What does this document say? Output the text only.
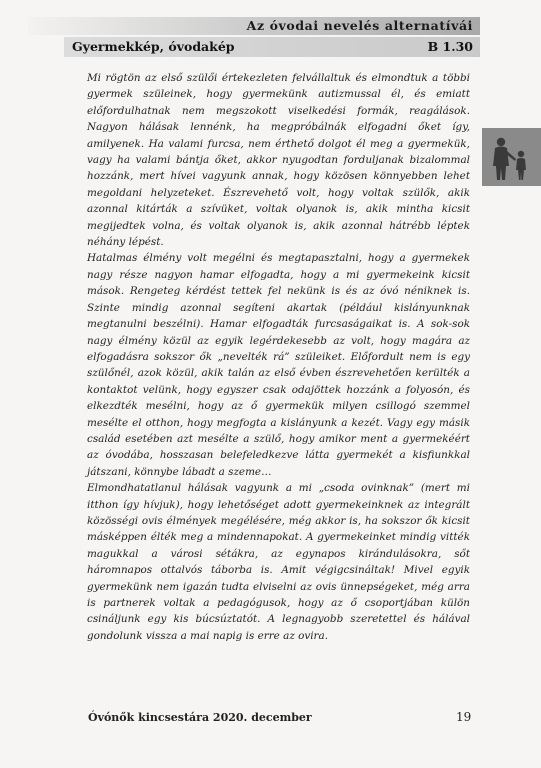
Az óvodai nevelés alternatívái
Gyermekkép, óvodakép	B 1.30

Mi rögtön az első szülői értekezleten felvállaltuk és elmondtuk a többi gyermek szüleinek, hogy gyermekünk autizmussal él, és emiatt előfordulhatnak nem megszokott viselkedési formák, reagálások. Nagyon hálásak lennénk, ha megpróbálnák elfogadni őket így, amilyenek. Ha valami furcsa, nem érthető dolgot él meg a gyermekük, vagy ha valami bántja őket, akkor nyugodtan forduljanak bizalommal hozzánk, mert hívei vagyunk annak, hogy közösen könnyebben lehet megoldani helyzeteket. Észrevehető volt, hogy voltak szülők, akik azonnal kitárták a szívüket, voltak olyanok is, akik mintha kicsit megijedtek volna, és voltak olyanok is, akik azonnal hátrébb léptek néhány lépést.

Hatalmas élmény volt megélni és megtapasztalni, hogy a gyermekek nagy része nagyon hamar elfogadta, hogy a mi gyermekeink kicsit mások. Rengeteg kérdést tettek fel nekünk is és az óvó néniknek is. Szinte mindig azonnal segíteni akartak (például kislányunknak megtanulni beszélni). Hamar elfogadták furcsaságaikat is. A sok-sok nagy élmény közül az egyik legérdekesebb az volt, hogy magára az elfogadásra sokszor ők „nevelték rá” szüleiket. Előfordult nem is egy szülőnél, azok közül, akik talán az első évben észrevehetően kerülték a kontaktot velünk, hogy egyszer csak odajöttek hozzánk a folyosón, és elkezdték mesélni, hogy az ő gyermekük milyen csillogó szemmel mesélte el otthon, hogy megfogta a kislányunk a kezét. Vagy egy másik család esetében azt mesélte a szülő, hogy amikor ment a gyermekéért az óvodába, hosszasan belefeledkezve látta gyermekét a kisfiunkkal játszani, könnybe lábadt a szeme…

Elmondhatatlanul hálásak vagyunk a mi „csoda ovinknak” (mert mi itthon így hívjuk), hogy lehetőséget adott gyermekeinknek az integrált közösségi ovis élmények megélésére, még akkor is, ha sokszor ők kicsit másképpen élték meg a mindennapokat. A gyermekeinket mindig vitték magukkal a városi sétákra, az egynapos kirándulásokra, sőt háromnapos ottalvós táborba is. Amit végigcsináltak! Mivel egyik gyermekünk nem igazán tudta elviselni az ovis ünnepségeket, még arra is partnerek voltak a pedagógusok, hogy az ő csoportjában külön csináljunk egy kis búcsúztatót. A legnagyobb szeretettel és hálával gondolunk vissza a mai napig is erre az ovira.

Óvónők kincsestára 2020. december	19
